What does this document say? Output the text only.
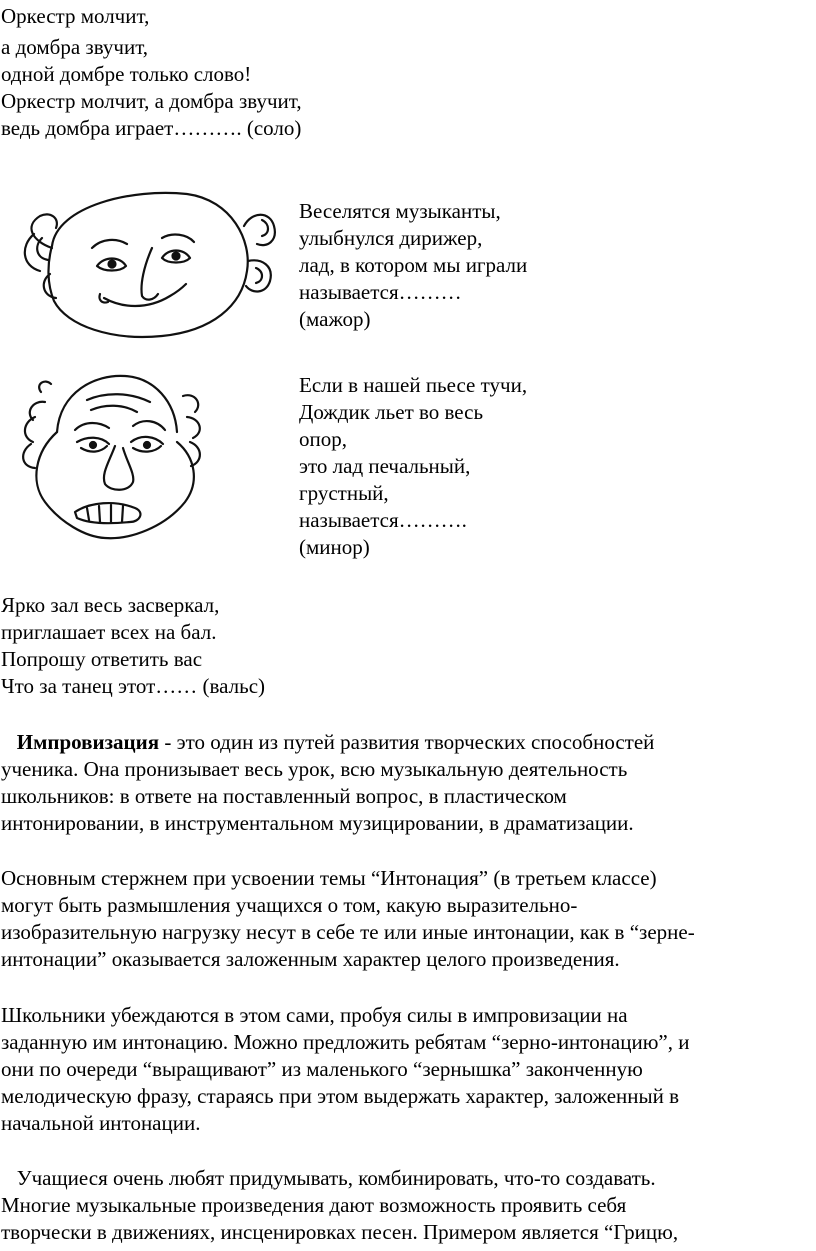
Оркестр молчит,
а домбра звучит,
одной домбре только слово!
Оркестр молчит, а домбра звучит,
ведь домбра играет………. (соло)
Веселятся музыканты,
улыбнулся дирижер,
лад, в котором мы играли
называется………
(мажор)
Если в нашей пьесе тучи,
Дождик льет во весь
опор,
это лад печальный,
грустный,
называется……….
(минор)
Ярко зал весь засверкал,
приглашает всех на бал.
Попрошу ответить вас
Что за танец этот…… (вальс)
Импровизация - это один из путей развития творческих способностей
ученика. Она пронизывает весь урок, всю музыкальную деятельность
школьников: в ответе на поставленный вопрос, в пластическом
интонировании, в инструментальном музицировании, в драматизации.
Основным стержнем при усвоении темы “Интонация” (в третьем классе)
могут быть размышления учащихся о том, какую выразительно-
изобразительную нагрузку несут в себе те или иные интонации, как в “зерне-
интонации” оказывается заложенным характер целого произведения.
Школьники убеждаются в этом сами, пробуя силы в импровизации на
заданную им интонацию. Можно предложить ребятам “зерно-интонацию”, и
они по очереди “выращивают” из маленького “зернышка” законченную
мелодическую фразу, стараясь при этом выдержать характер, заложенный в
начальной интонации.
Учащиеся очень любят придумывать, комбинировать, что-то создавать.
Многие музыкальные произведения дают возможность проявить себя
творчески в движениях, инсценировках песен. Примером является “Грицю,
